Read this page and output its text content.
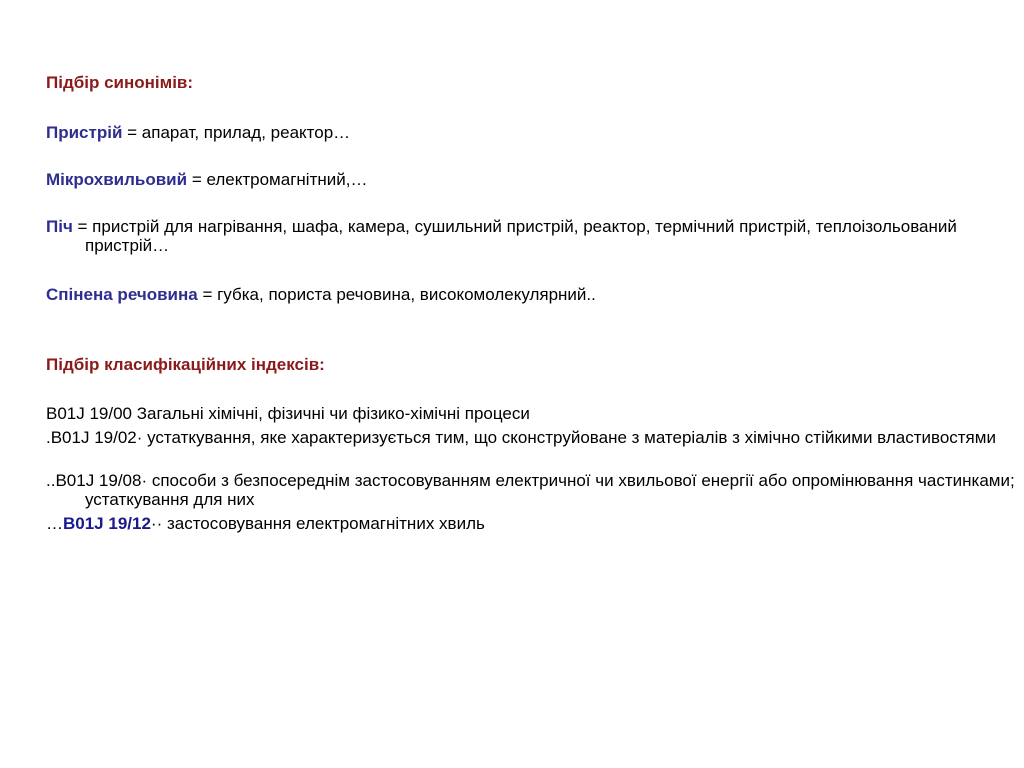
Підбір синонімів:
Пристрій = апарат, прилад, реактор…
Мікрохвильовий = електромагнітний,…
Піч = пристрій для нагрівання, шафа, камера, сушильний пристрій, реактор, термічний пристрій, теплоізольований пристрій…
Спінена речовина = губка, пориста речовина, високомолекулярний..
Підбір класифікаційних індексів:
B01J 19/00 Загальні хімічні, фізичні чи фізико-хімічні процеси
.B01J 19/02· устаткування, яке характеризується тим, що сконструйоване з матеріалів з хімічно стійкими властивостями
..B01J 19/08· способи з безпосереднім застосовуванням електричної чи хвильової енергії або опромінювання частинками; устаткування для них
…B01J 19/12·· застосовування електромагнітних хвиль
